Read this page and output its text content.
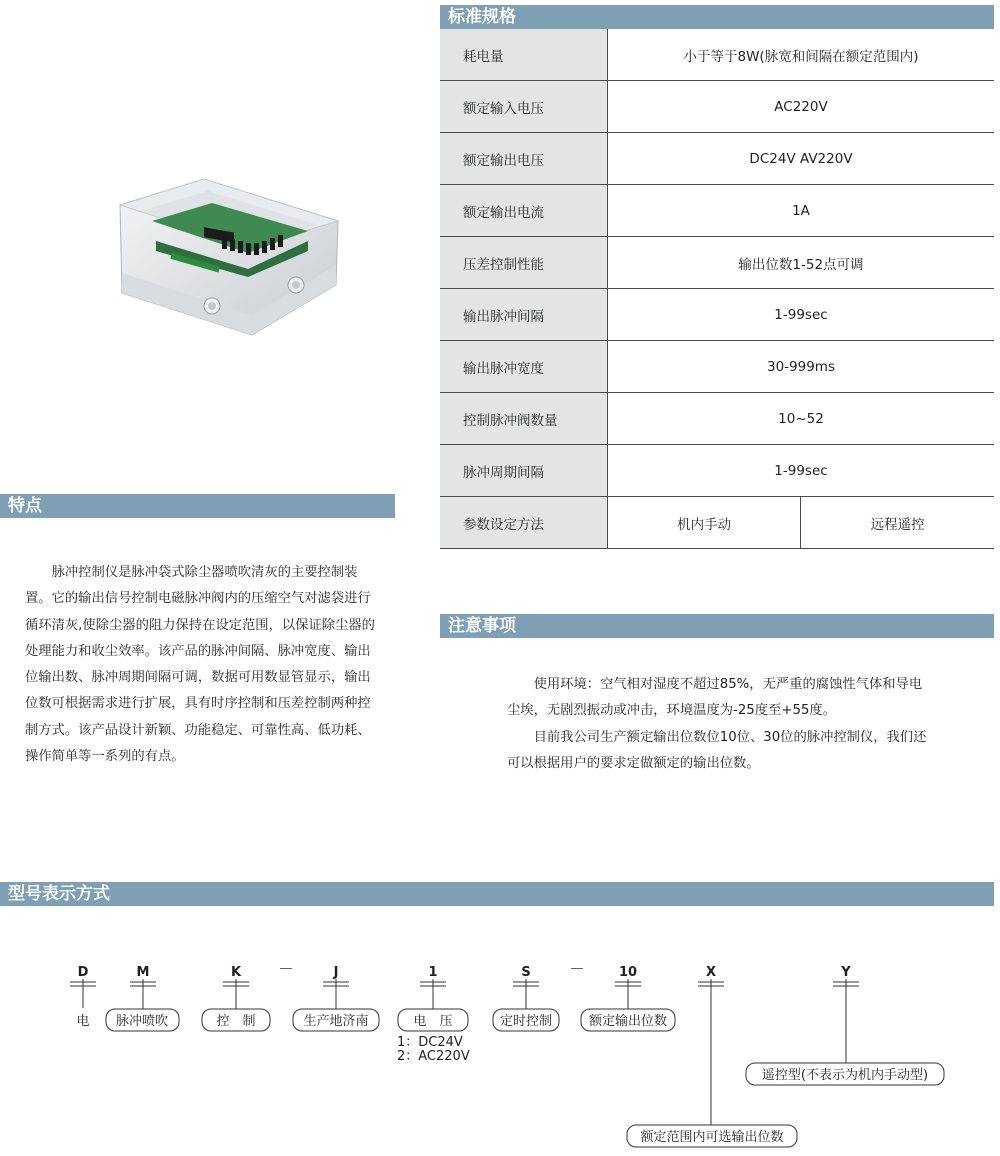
标准规格
耗电量	小于等于8W(脉宽和间隔在额定范围内)	
额定输入电压	AC220V	
额定输出电压	DC24V AV220V	
额定输出电流	1A	
压差控制性能	输出位数1-52点可调	
输出脉冲间隔	1-99sec	
输出脉冲宽度	30-999ms	
控制脉冲阀数量	10~52	
脉冲周期间隔	1-99sec	
参数设定方法	机内手动	远程遥控
特点

脉冲控制仪是脉冲袋式除尘器喷吹清灰的主要控制装置。它的输出信号控制电磁脉冲阀内的压缩空气对滤袋进行循环清灰,使除尘器的阻力保持在设定范围，以保证除尘器的处理能力和收尘效率。该产品的脉冲间隔、脉冲宽度、输出位输出数、脉冲周期间隔可调，数据可用数显管显示，输出位数可根据需求进行扩展，具有时序控制和压差控制两种控制方式。该产品设计新颖、功能稳定、可靠性高、低功耗、操作简单等一系列的有点。

注意事项

使用环境：空气相对湿度不超过85%，无严重的腐蚀性气体和导电尘埃，无剧烈振动或冲击，环境温度为-25度至+55度。

目前我公司生产额定输出位数位10位、30位的脉冲控制仪，我们还可以根据用户的要求定做额定的输出位数。

型号表示方式
D	M	K	J	1	S	10	X	Y
—	—
电 脉冲喷吹	控　制	生产地济南	电　压	定时控制	额定输出位数
遥控型(不表示为机内手动型)
额定范围内可选输出位数
1：DC24V
2：AC220V
